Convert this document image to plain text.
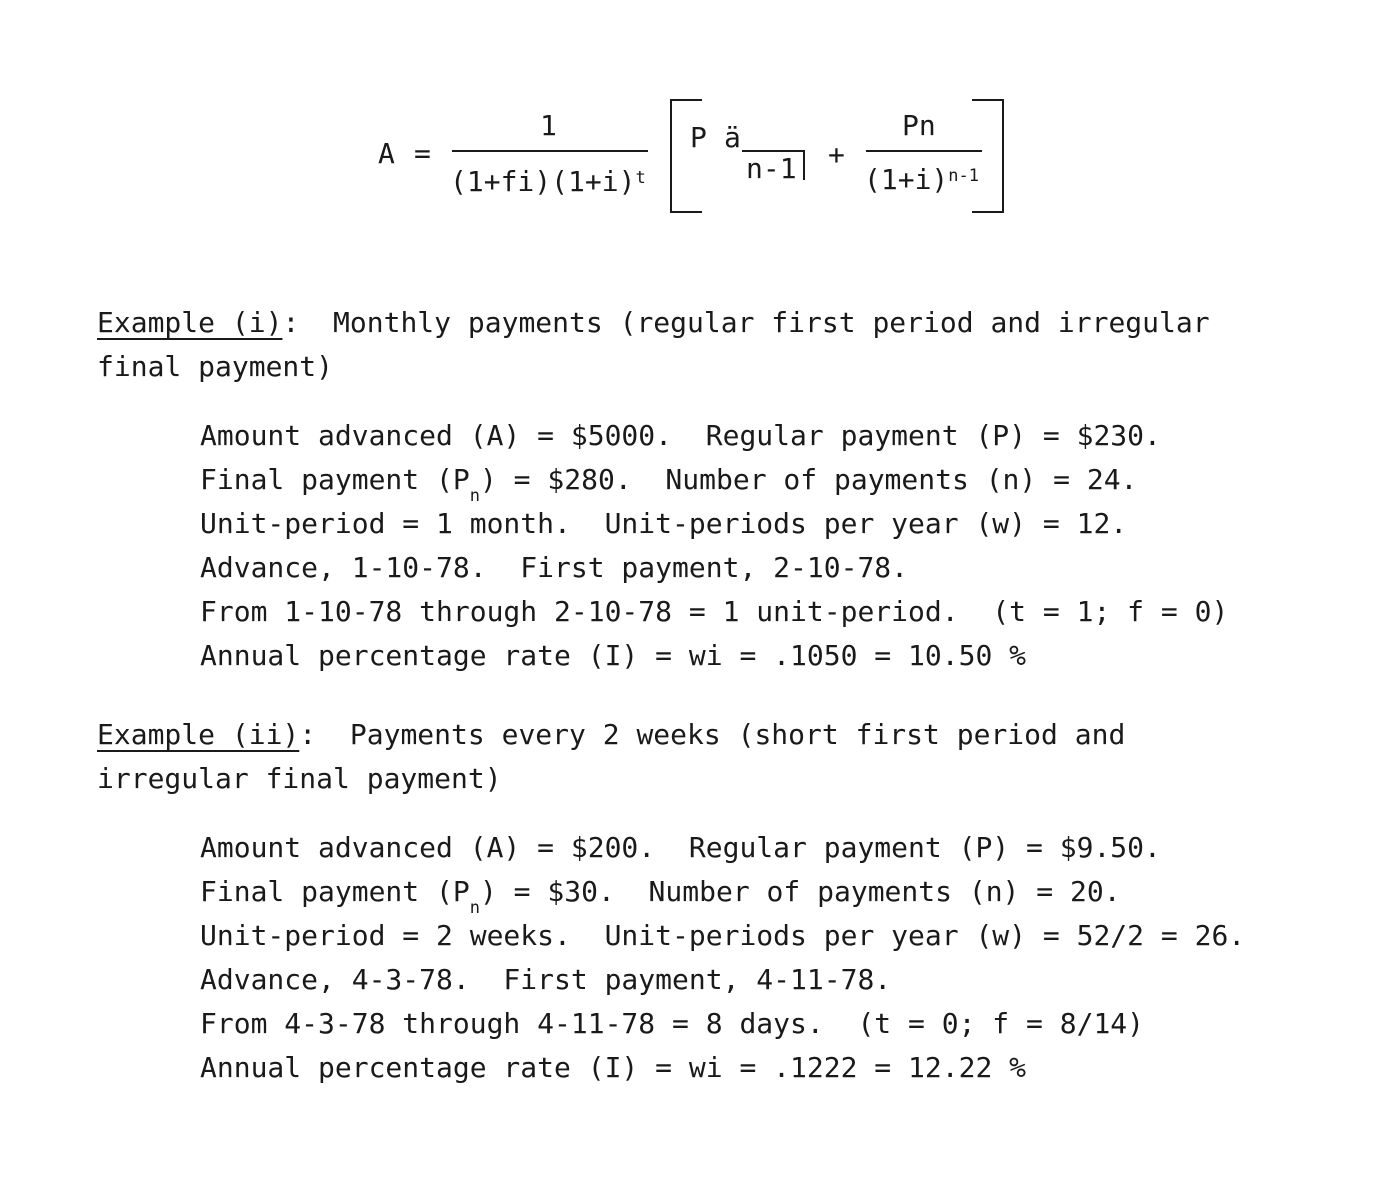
A =
1
$(1+fi)(1+i)^t$
P ä
n-1 +
Pn
$(1+i)^{n-1}$
Example (i):  Monthly payments (regular first period and irregular
final payment)
Amount advanced (A) = $5000.  Regular payment (P) = $230.
Final payment $(P_n)$ = $280.  Number of payments (n) = 24.
Unit-period = 1 month.  Unit-periods per year (w) = 12.
Advance, 1-10-78.  First payment, 2-10-78.
From 1-10-78 through 2-10-78 = 1 unit-period.  (t = 1; f = 0)
Annual percentage rate (I) = wi = .1050 = 10.50 %
Example (ii):  Payments every 2 weeks (short first period and
irregular final payment)
Amount advanced (A) = $200.  Regular payment (P) = $9.50.
Final payment $(P_n)$ = $30.  Number of payments (n) = 20.
Unit-period = 2 weeks.  Unit-periods per year (w) = 52/2 = 26.
Advance, 4-3-78.  First payment, 4-11-78.
From 4-3-78 through 4-11-78 = 8 days.  (t = 0; f = 8/14)
Annual percentage rate (I) = wi = .1222 = 12.22 %
